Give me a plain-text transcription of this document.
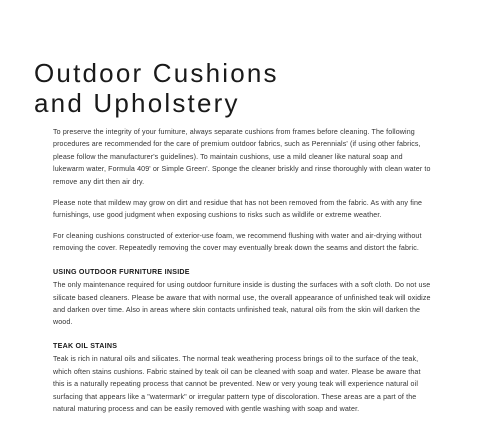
Outdoor Cushions
and Upholstery

To preserve the integrity of your furniture, always separate cushions from frames before cleaning. The following procedures are recommended for the care of premium outdoor fabrics, such as Perennials' (if using other fabrics, please follow the manufacturer's guidelines). To maintain cushions, use a mild cleaner like natural soap and lukewarm water, Formula 409' or Simple Green'. Sponge the cleaner briskly and rinse thoroughly with clean water to remove any dirt then air dry.

Please note that mildew may grow on dirt and residue that has not been removed from the fabric. As with any fine furnishings, use good judgment when exposing cushions to risks such as wildlife or extreme weather.

For cleaning cushions constructed of exterior-use foam, we recommend flushing with water and air-drying without removing the cover. Repeatedly removing the cover may eventually break down the seams and distort the fabric.

USING OUTDOOR FURNITURE INSIDE

The only maintenance required for using outdoor furniture inside is dusting the surfaces with a soft cloth. Do not use silicate based cleaners. Please be aware that with normal use, the overall appearance of unfinished teak will oxidize and darken over time. Also in areas where skin contacts unfinished teak, natural oils from the skin will darken the wood.

TEAK OIL STAINS

Teak is rich in natural oils and silicates. The normal teak weathering process brings oil to the surface of the teak, which often stains cushions. Fabric stained by teak oil can be cleaned with soap and water. Please be aware that this is a naturally repeating process that cannot be prevented. New or very young teak will experience natural oil surfacing that appears like a "watermark" or irregular pattern type of discoloration. These areas are a part of the natural maturing process and can be easily removed with gentle washing with soap and water.
